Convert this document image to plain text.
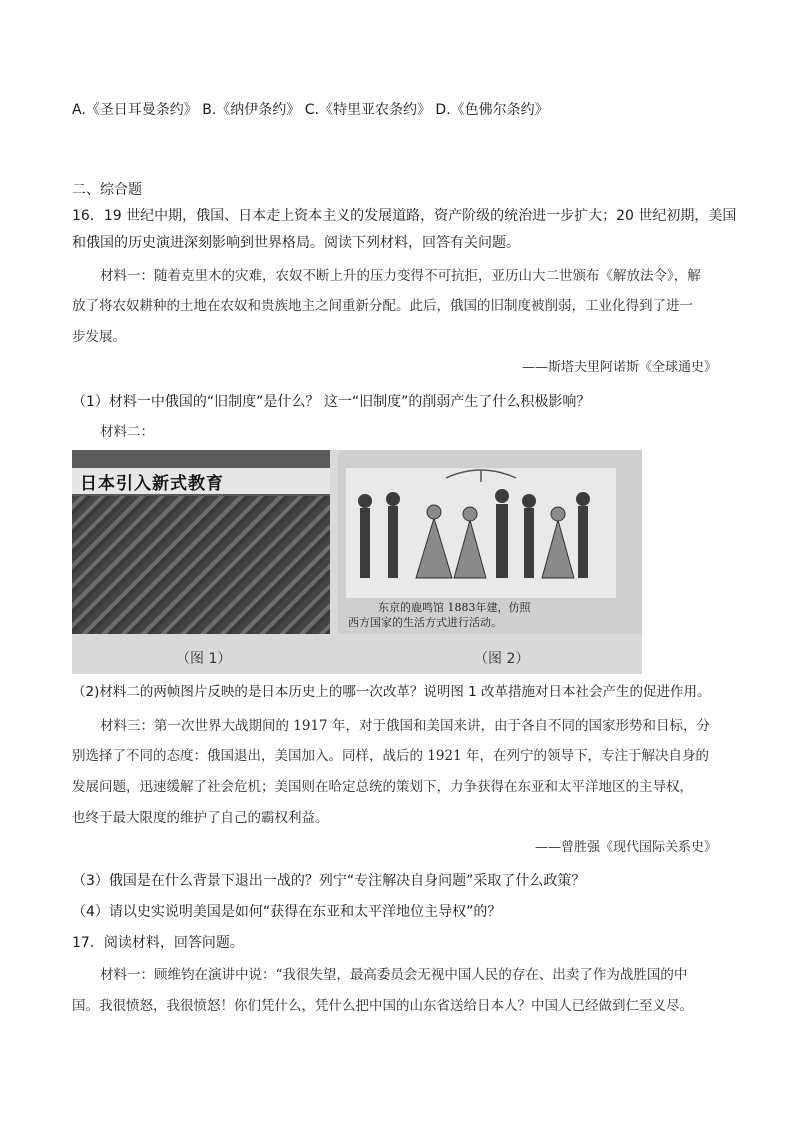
A.《圣日耳曼条约》 B.《纳伊条约》 C.《特里亚农条约》 D.《色佛尔条约》
二、综合题
16．19 世纪中期，俄国、日本走上资本主义的发展道路，资产阶级的统治进一步扩大；20 世纪初期，美国
和俄国的历史演进深刻影响到世界格局。阅读下列材料，回答有关问题。
材料一：随着克里木的灾难，农奴不断上升的压力变得不可抗拒，亚历山大二世颁布《解放法令》，解
放了将农奴耕种的土地在农奴和贵族地主之间重新分配。此后，俄国的旧制度被削弱，工业化得到了进一
步发展。
——斯塔夫里阿诺斯《全球通史》
（1）材料一中俄国的“旧制度”是什么？ 这一“旧制度”的削弱产生了什么积极影响？
材料二：
日本引入新式教育
东京的鹿鸣馆 1883年建，仿照
西方国家的生活方式进行活动。
（图 1）	（图 2）
（2)材料二的两帧图片反映的是日本历史上的哪一次改革？说明图 1 改革措施对日本社会产生的促进作用。
材料三：第一次世界大战期间的 1917 年，对于俄国和美国来讲，由于各自不同的国家形势和目标，分
别选择了不同的态度：俄国退出，美国加入。同样，战后的 1921 年，在列宁的领导下，专注于解决自身的
发展问题，迅速缓解了社会危机；美国则在哈定总统的策划下，力争获得在东亚和太平洋地区的主导权，
也终于最大限度的维护了自己的霸权利益。
——曾胜强《现代国际关系史》
（3）俄国是在什么背景下退出一战的？列宁“专注解决自身问题”采取了什么政策？
（4）请以史实说明美国是如何“获得在东亚和太平洋地位主导权”的？
17．阅读材料，回答问题。
材料一：顾维钧在演讲中说：“我很失望，最高委员会无视中国人民的存在、出卖了作为战胜国的中
国。我很愤怒，我很愤怒！你们凭什么，凭什么把中国的山东省送给日本人？中国人已经做到仁至义尽。
